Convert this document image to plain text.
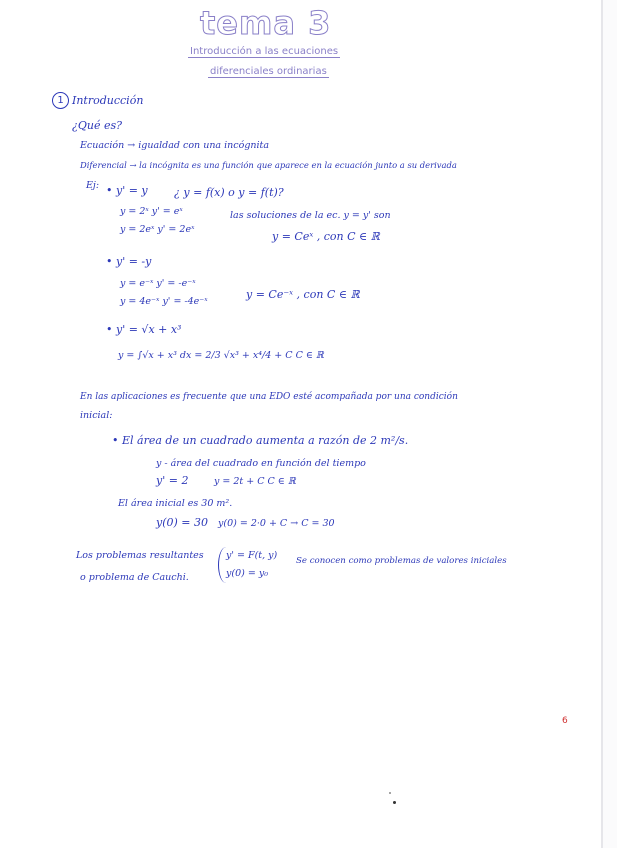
tema 3
Introducción a las ecuaciones
diferenciales ordinarias
1 Introducción
¿Qué es?
Ecuación → igualdad con una incógnita
Diferencial → la incógnita es una función que aparece en la ecuación junto a su derivada
Ej: • y' = y ¿ y = f(x) o y = f(t)?
y = 2ˣ y' = eˣ
y = 2eˣ y' = 2eˣ
las soluciones de la ec. y = y' son
y = Ceˣ , con C ∈ ℝ
• y' = -y
y = e⁻ˣ y' = -e⁻ˣ
y = 4e⁻ˣ y' = -4e⁻ˣ
y = Ce⁻ˣ , con C ∈ ℝ
• y' = √x + x³
y = ∫√x + x³ dx = 2/3 √x³ + x⁴/4 + C C ∈ ℝ
En las aplicaciones es frecuente que una EDO esté acompañada por una condición
inicial:
• El área de un cuadrado aumenta a razón de 2 m²/s.
y - área del cuadrado en función del tiempo
y' = 2	y = 2t + C C ∈ ℝ
El área inicial es 30 m².
y(0) = 30 y(0) = 2·0 + C → C = 30
Los problemas resultantes
o problema de Cauchi.
y' = F(t, y)
y(0) = y₀
Se conocen como problemas de valores iniciales
6
